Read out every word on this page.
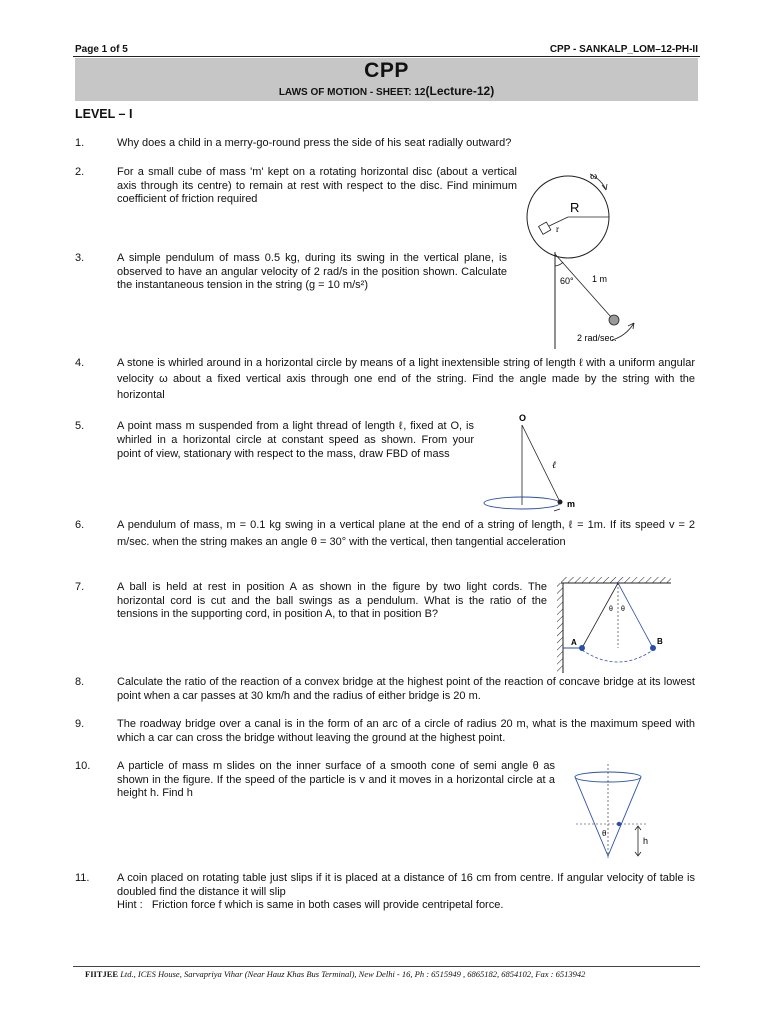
Page 1 of 5	CPP - SANKALP_LOM–12-PH-II
CPP
LAWS OF MOTION - SHEET: 12(Lecture-12)
LEVEL – I
1.	Why does a child in a merry-go-round press the side of his seat radially outward?
2.	For a small cube of mass 'm' kept on a rotating horizontal disc (about a vertical axis through its centre) to remain at rest with respect to the disc. Find minimum coefficient of friction required
3.	A simple pendulum of mass 0.5 kg, during its swing in the vertical plane, is observed to have an angular velocity of 2 rad/s in the position shown. Calculate the instantaneous tension in the string (g = 10 m/s²)
4.	A stone is whirled around in a horizontal circle by means of a light inextensible string of length ℓ with a uniform angular velocity ω about a fixed vertical axis through one end of the string. Find the angle made by the string with the horizontal
5.	A point mass m suspended from a light thread of length ℓ, fixed at O, is whirled in a horizontal circle at constant speed as shown. From your point of view, stationary with respect to the mass, draw FBD of mass
6.	A pendulum of mass, m = 0.1 kg swing in a vertical plane at the end of a string of length, ℓ = 1m. If its speed v = 2 m/sec. when the string makes an angle θ = 30° with the vertical, then tangential acceleration
7.	A ball is held at rest in position A as shown in the figure by two light cords. The horizontal cord is cut and the ball swings as a pendulum. What is the ratio of the tensions in the supporting cord, in position A, to that in position B?
8.	Calculate the ratio of the reaction of a convex bridge at the highest point of the reaction of concave bridge at its lowest point when a car passes at 30 km/h and the radius of either bridge is 20 m.
9.	The roadway bridge over a canal is in the form of an arc of a circle of radius 20 m, what is the maximum speed with which a car can cross the bridge without leaving the ground at the highest point.
10. A particle of mass m slides on the inner surface of a smooth cone of semi angle θ as shown in the figure. If the speed of the particle is v and it moves in a horizontal circle at a height h. Find h
11.	A coin placed on rotating table just slips if it is placed at a distance of 16 cm from centre. If angular velocity of table is doubled find the distance it will slip
Hint : Friction force f which is same in both cases will provide centripetal force.
ω
R
r
60° 1 m
2 rad/sec.
O
ℓ
m
θ θ
A	B
θ
h
FIITJEE Ltd., ICES House, Sarvapriya Vihar (Near Hauz Khas Bus Terminal), New Delhi - 16, Ph : 6515949 , 6865182, 6854102, Fax : 6513942
